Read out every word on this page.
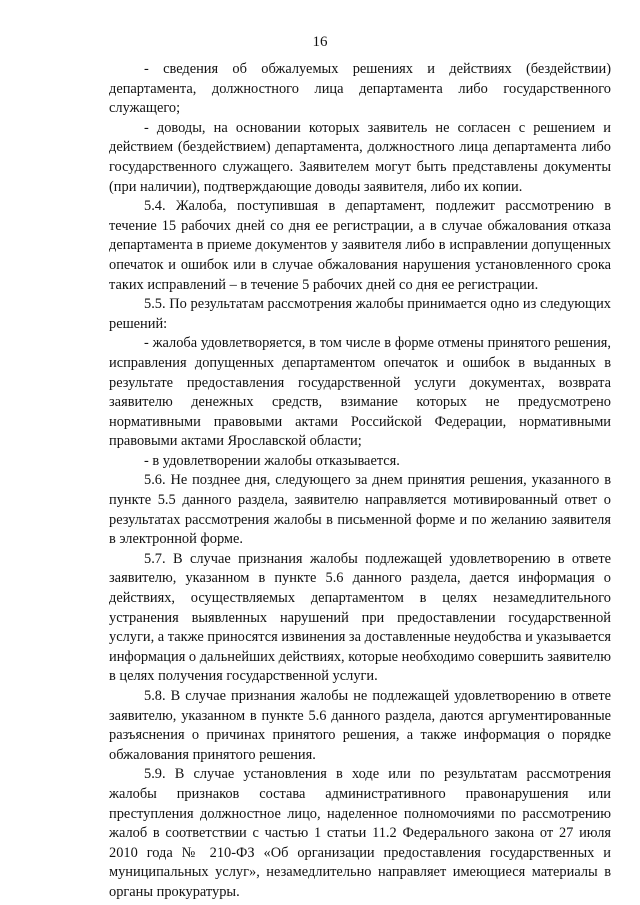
16

- сведения об обжалуемых решениях и действиях (бездействии) департамента, должностного лица департамента либо государственного служащего;

- доводы, на основании которых заявитель не согласен с решением и действием (бездействием) департамента, должностного лица департамента либо государственного служащего. Заявителем могут быть представлены документы (при наличии), подтверждающие доводы заявителя, либо их копии.

5.4. Жалоба, поступившая в департамент, подлежит рассмотрению в течение 15 рабочих дней со дня ее регистрации, а в случае обжалования отказа департамента в приеме документов у заявителя либо в исправлении допущенных опечаток и ошибок или в случае обжалования нарушения установленного срока таких исправлений – в течение 5 рабочих дней со дня ее регистрации.

5.5. По результатам рассмотрения жалобы принимается одно из следующих решений:

- жалоба удовлетворяется, в том числе в форме отмены принятого решения, исправления допущенных департаментом опечаток и ошибок в выданных в результате предоставления государственной услуги документах, возврата заявителю денежных средств, взимание которых не предусмотрено нормативными правовыми актами Российской Федерации, нормативными правовыми актами Ярославской области;

- в удовлетворении жалобы отказывается.

5.6. Не позднее дня, следующего за днем принятия решения, указанного в пункте 5.5 данного раздела, заявителю направляется мотивированный ответ о результатах рассмотрения жалобы в письменной форме и по желанию заявителя в электронной форме.

5.7. В случае признания жалобы подлежащей удовлетворению в ответе заявителю, указанном в пункте 5.6 данного раздела, дается информация о действиях, осуществляемых департаментом в целях незамедлительного устранения выявленных нарушений при предоставлении государственной услуги, а также приносятся извинения за доставленные неудобства и указывается информация о дальнейших действиях, которые необходимо совершить заявителю в целях получения государственной услуги.

5.8. В случае признания жалобы не подлежащей удовлетворению в ответе заявителю, указанном в пункте 5.6 данного раздела, даются аргументированные разъяснения о причинах принятого решения, а также информация о порядке обжалования принятого решения.

5.9. В случае установления в ходе или по результатам рассмотрения жалобы признаков состава административного правонарушения или преступления должностное лицо, наделенное полномочиями по рассмотрению жалоб в соответствии с частью 1 статьи 11.2 Федерального закона от 27 июля 2010 года № 210-ФЗ «Об организации предоставления государственных и муниципальных услуг», незамедлительно направляет имеющиеся материалы в органы прокуратуры.
